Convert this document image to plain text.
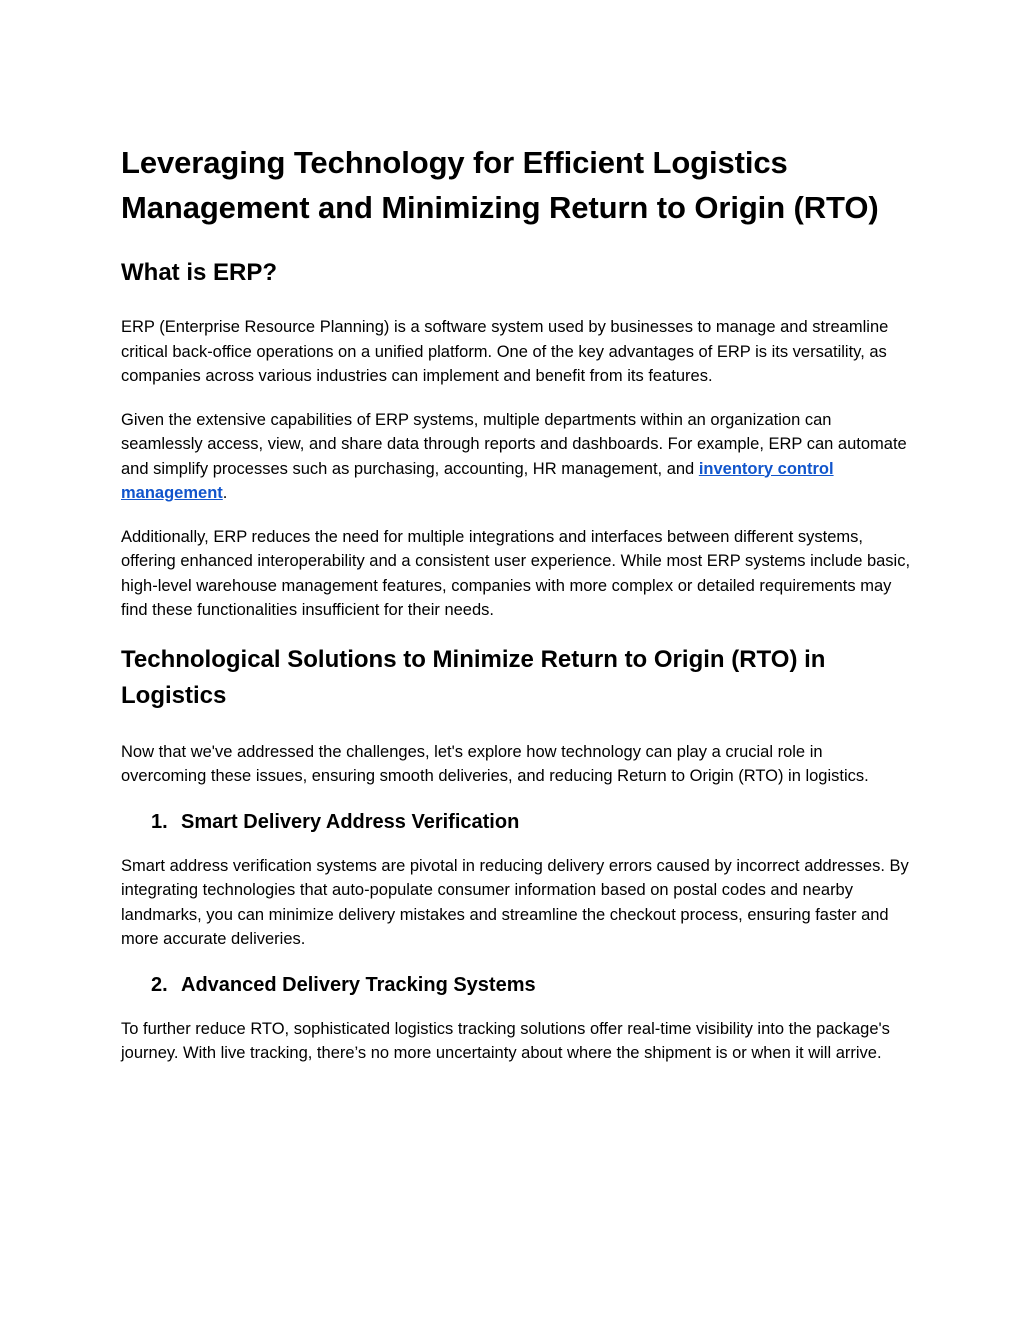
Leveraging Technology for Efficient Logistics Management and Minimizing Return to Origin (RTO)
What is ERP?

ERP (Enterprise Resource Planning) is a software system used by businesses to manage and streamline critical back-office operations on a unified platform. One of the key advantages of ERP is its versatility, as companies across various industries can implement and benefit from its features.

Given the extensive capabilities of ERP systems, multiple departments within an organization can seamlessly access, view, and share data through reports and dashboards. For example, ERP can automate and simplify processes such as purchasing, accounting, HR management, and inventory control management.

Additionally, ERP reduces the need for multiple integrations and interfaces between different systems, offering enhanced interoperability and a consistent user experience. While most ERP systems include basic, high-level warehouse management features, companies with more complex or detailed requirements may find these functionalities insufficient for their needs.

Technological Solutions to Minimize Return to Origin (RTO) in Logistics

Now that we've addressed the challenges, let's explore how technology can play a crucial role in overcoming these issues, ensuring smooth deliveries, and reducing Return to Origin (RTO) in logistics.

1. Smart Delivery Address Verification

Smart address verification systems are pivotal in reducing delivery errors caused by incorrect addresses. By integrating technologies that auto-populate consumer information based on postal codes and nearby landmarks, you can minimize delivery mistakes and streamline the checkout process, ensuring faster and more accurate deliveries.

2. Advanced Delivery Tracking Systems

To further reduce RTO, sophisticated logistics tracking solutions offer real-time visibility into the package's journey. With live tracking, there’s no more uncertainty about where the shipment is or when it will arrive.
